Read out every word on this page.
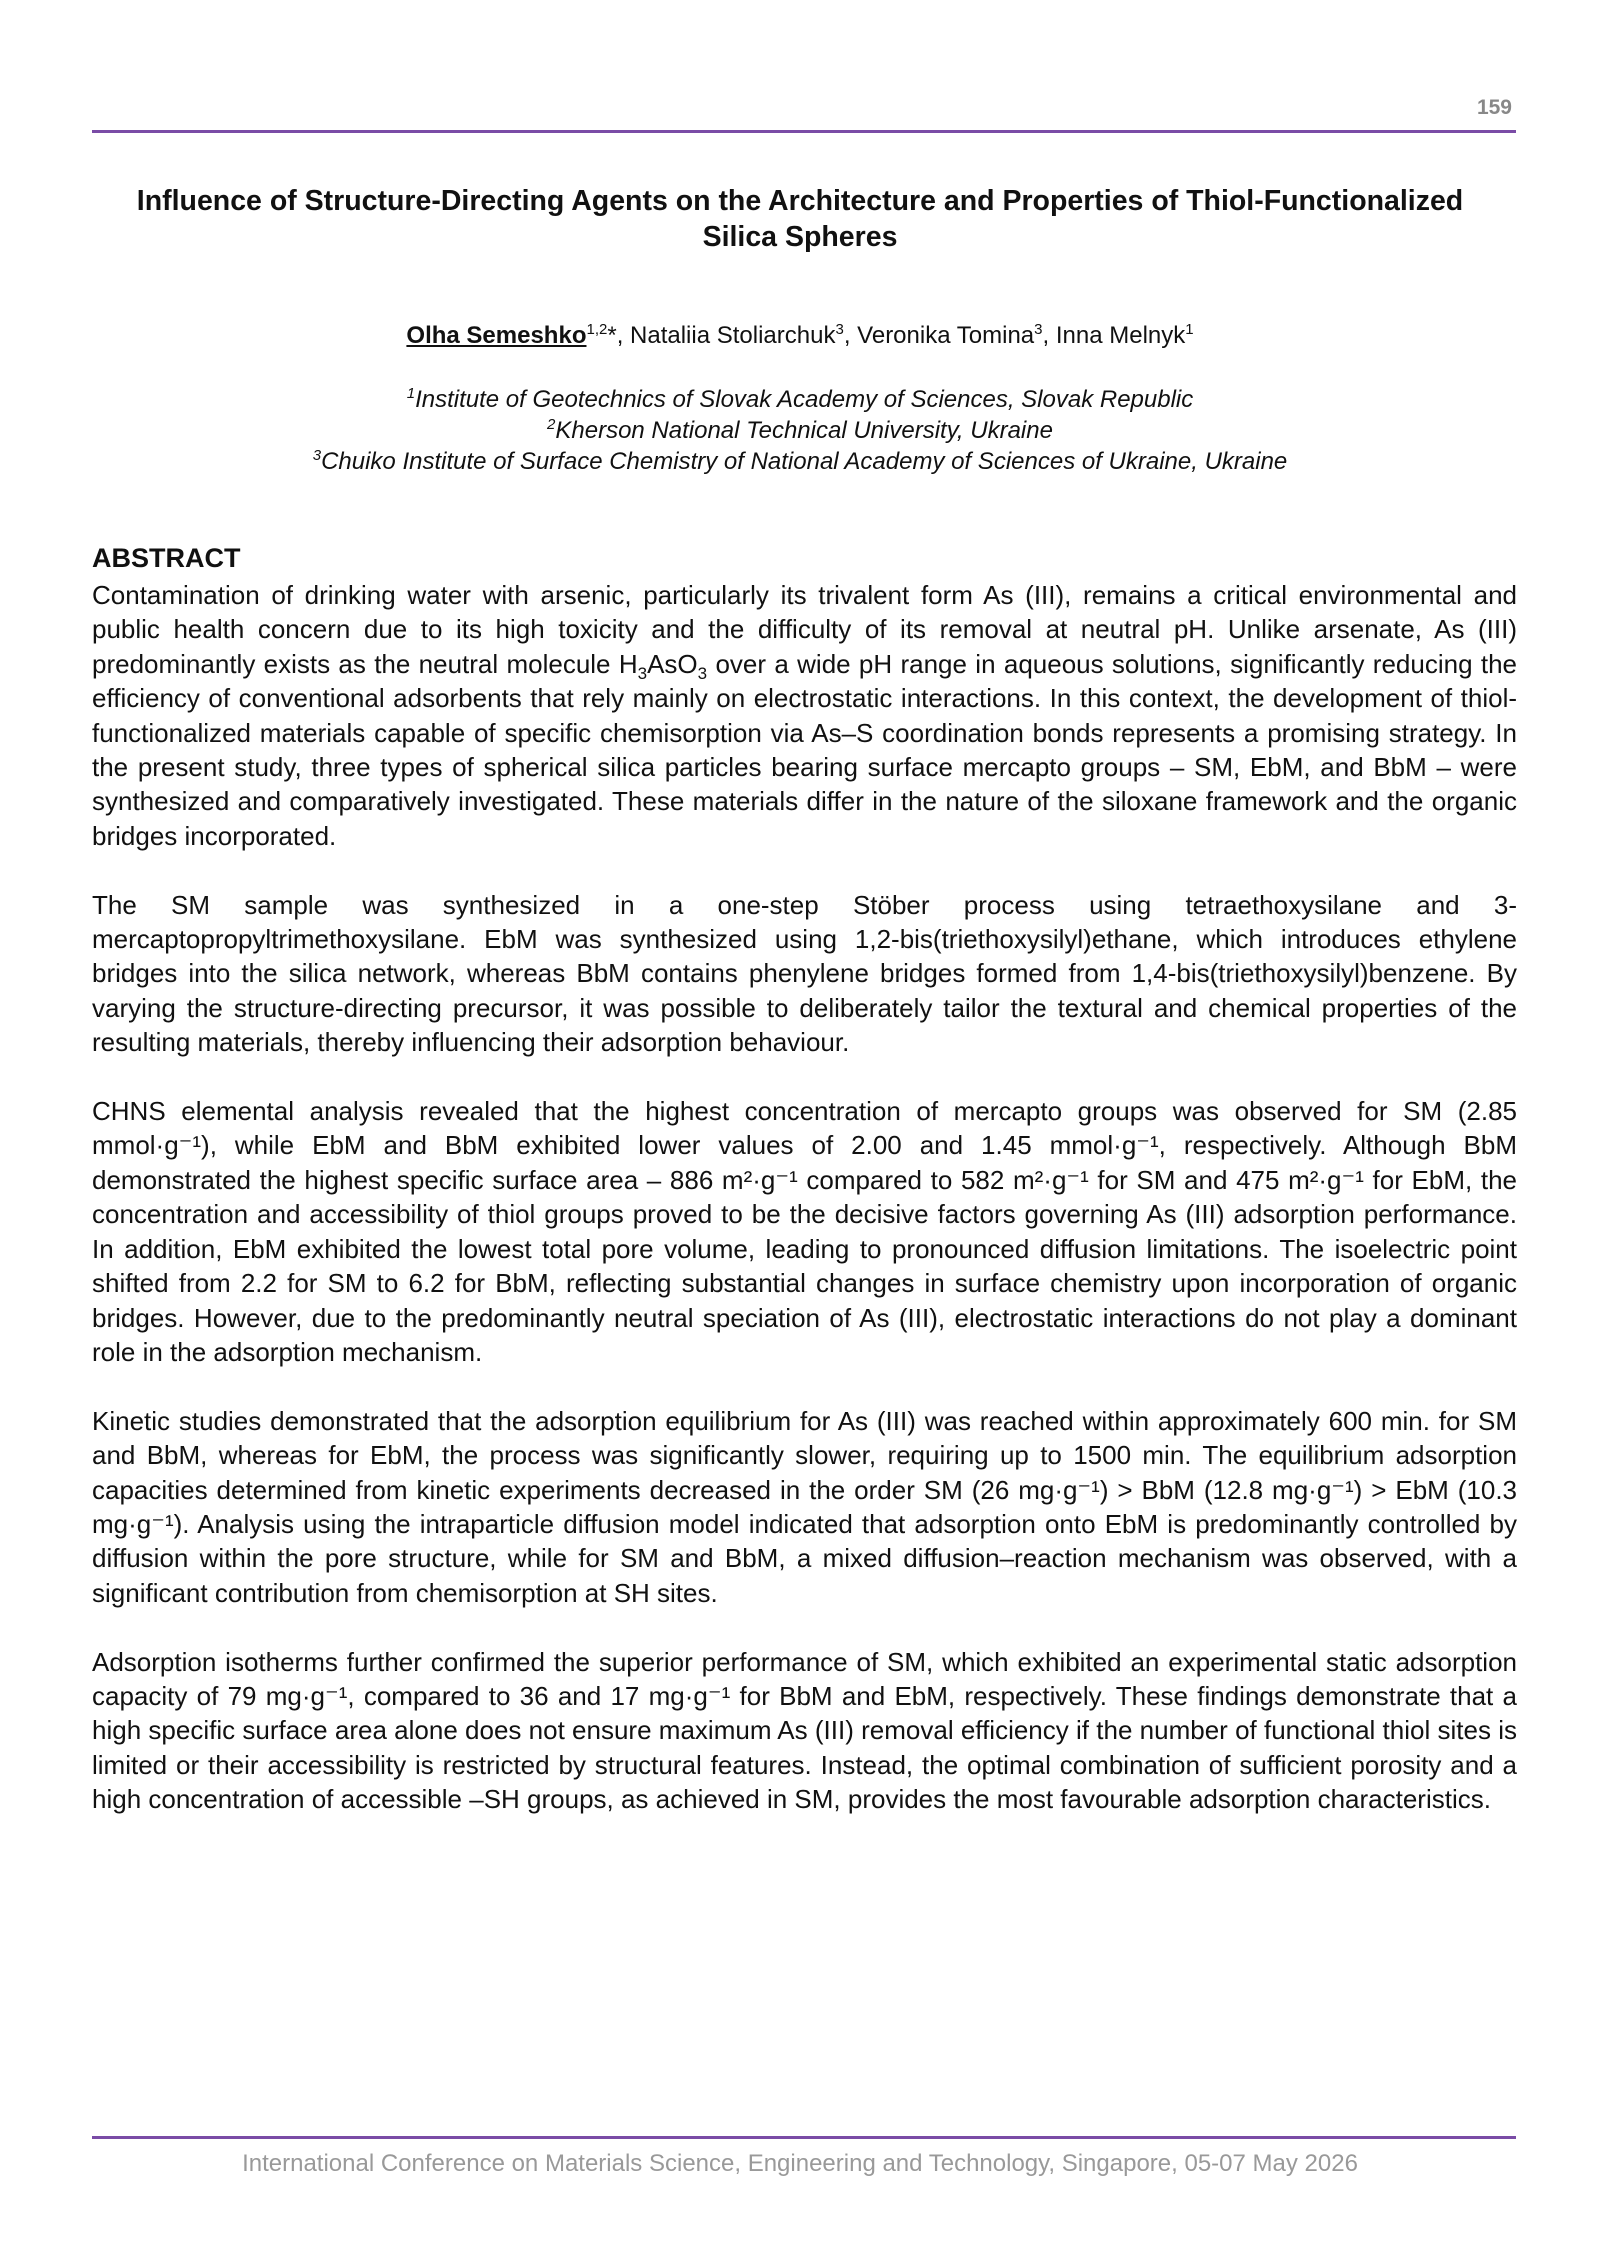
159
Influence of Structure-Directing Agents on the Architecture and Properties of Thiol-Functionalized Silica Spheres
Olha Semeshko$^{1,2}$*, Nataliia Stoliarchuk$^3$, Veronika Tomina$^3$, Inna Melnyk$^1$
$^1$Institute of Geotechnics of Slovak Academy of Sciences, Slovak Republic
$^2$Kherson National Technical University, Ukraine
$^3$Chuiko Institute of Surface Chemistry of National Academy of Sciences of Ukraine, Ukraine
ABSTRACT

Contamination of drinking water with arsenic, particularly its trivalent form As (III), remains a critical environmental and public health concern due to its high toxicity and the difficulty of its removal at neutral pH. Unlike arsenate, As (III) predominantly exists as the neutral molecule $H_3AsO_3$ over a wide pH range in aqueous solutions, significantly reducing the efficiency of conventional adsorbents that rely mainly on electrostatic interactions. In this context, the development of thiol-functionalized materials capable of specific chemisorption via As–S coordination bonds represents a promising strategy. In the present study, three types of spherical silica particles bearing surface mercapto groups – SM, EbM, and BbM – were synthesized and comparatively investigated. These materials differ in the nature of the siloxane framework and the organic bridges incorporated.

The SM sample was synthesized in a one-step Stöber process using tetraethoxysilane and 3-mercaptopropyltrimethoxysilane. EbM was synthesized using 1,2-bis(triethoxysilyl)ethane, which introduces ethylene bridges into the silica network, whereas BbM contains phenylene bridges formed from 1,4-bis(triethoxysilyl)benzene. By varying the structure-directing precursor, it was possible to deliberately tailor the textural and chemical properties of the resulting materials, thereby influencing their adsorption behaviour.

CHNS elemental analysis revealed that the highest concentration of mercapto groups was observed for SM (2.85 mmol·g⁻¹), while EbM and BbM exhibited lower values of 2.00 and 1.45 mmol·g⁻¹, respectively. Although BbM demonstrated the highest specific surface area – 886 m²·g⁻¹ compared to 582 m²·g⁻¹ for SM and 475 m²·g⁻¹ for EbM, the concentration and accessibility of thiol groups proved to be the decisive factors governing As (III) adsorption performance. In addition, EbM exhibited the lowest total pore volume, leading to pronounced diffusion limitations. The isoelectric point shifted from 2.2 for SM to 6.2 for BbM, reflecting substantial changes in surface chemistry upon incorporation of organic bridges. However, due to the predominantly neutral speciation of As (III), electrostatic interactions do not play a dominant role in the adsorption mechanism.

Kinetic studies demonstrated that the adsorption equilibrium for As (III) was reached within approximately 600 min. for SM and BbM, whereas for EbM, the process was significantly slower, requiring up to 1500 min. The equilibrium adsorption capacities determined from kinetic experiments decreased in the order SM (26 mg·g⁻¹) > BbM (12.8 mg·g⁻¹) > EbM (10.3 mg·g⁻¹). Analysis using the intraparticle diffusion model indicated that adsorption onto EbM is predominantly controlled by diffusion within the pore structure, while for SM and BbM, a mixed diffusion–reaction mechanism was observed, with a significant contribution from chemisorption at SH sites.

Adsorption isotherms further confirmed the superior performance of SM, which exhibited an experimental static adsorption capacity of 79 mg·g⁻¹, compared to 36 and 17 mg·g⁻¹ for BbM and EbM, respectively. These findings demonstrate that a high specific surface area alone does not ensure maximum As (III) removal efficiency if the number of functional thiol sites is limited or their accessibility is restricted by structural features. Instead, the optimal combination of sufficient porosity and a high concentration of accessible –SH groups, as achieved in SM, provides the most favourable adsorption characteristics.

International Conference on Materials Science, Engineering and Technology, Singapore, 05-07 May 2026
